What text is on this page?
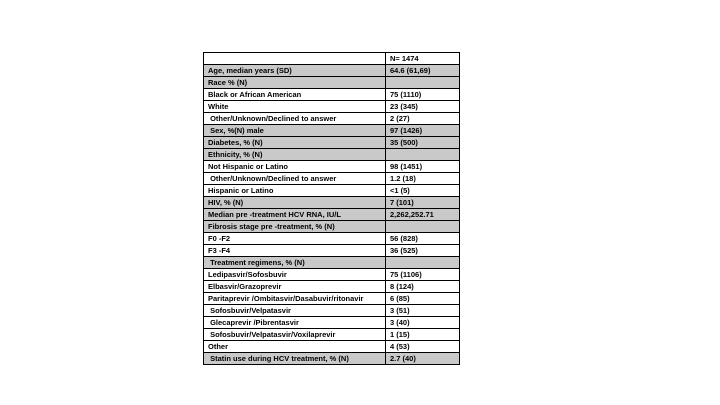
	N= 1474
Age, median years (SD)	64.6 (61,69)
Race % (N)	
Black or African American	75 (1110)
White	23 (345)
Other/Unknown/Declined to answer	2 (27)
Sex, %(N) male	97 (1426)
Diabetes, % (N)	35 (500)
Ethnicity, % (N)	
Not Hispanic or Latino	98 (1451)
Other/Unknown/Declined to answer	1.2 (18)
Hispanic or Latino	<1 (5)
HIV, % (N)	7 (101)
Median pre -treatment HCV RNA, IU/L	2,262,252.71
Fibrosis stage pre -treatment, % (N)	
F0 -F2	56 (828)
F3 -F4	36 (525)
Treatment regimens, % (N)	
Ledipasvir/Sofosbuvir	75 (1106)
Elbasvir/Grazoprevir	8 (124)
Paritaprevir /Ombitasvir/Dasabuvir/ritonavir	6 (85)
Sofosbuvir/Velpatasvir	3 (51)
Glecaprevir /Pibrentasvir	3 (40)
Sofosbuvir/Velpatasvir/Voxilaprevir	1 (15)
Other	4 (53)
Statin use during HCV treatment, % (N)	2.7 (40)
